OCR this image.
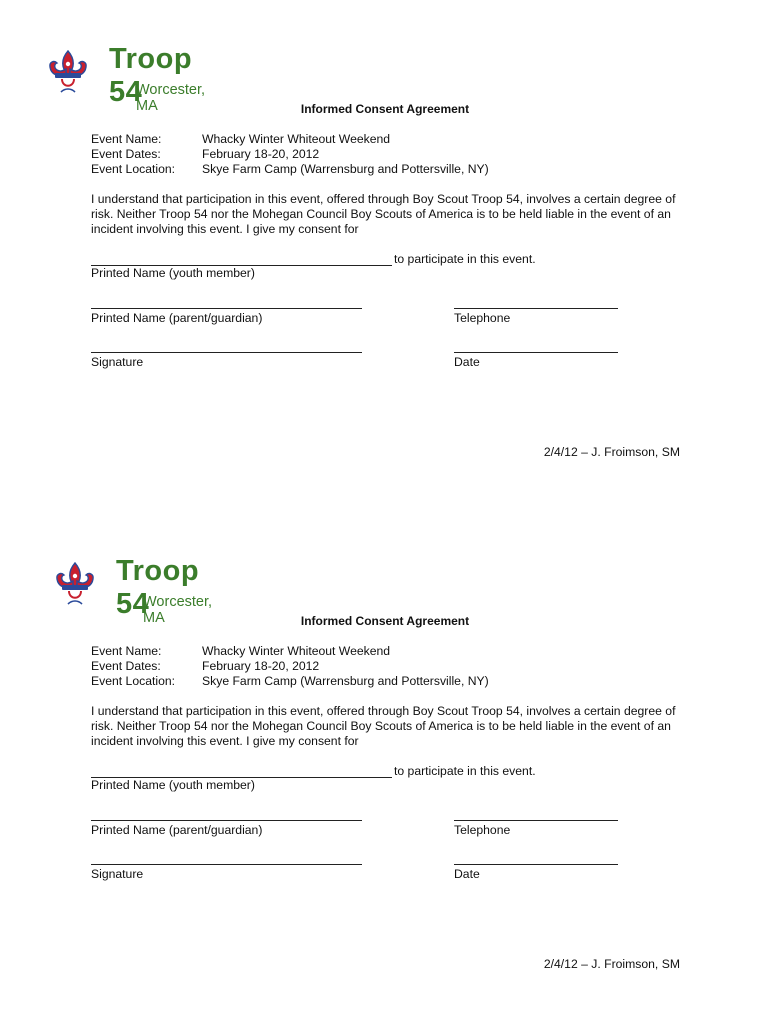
Troop 54
Worcester, MA	Informed Consent Agreement
Event Name:	Whacky Winter Whiteout Weekend
Event Dates:	February 18-20, 2012
Event Location: Skye Farm Camp (Warrensburg and Pottersville, NY)
I understand that participation in this event, offered through Boy Scout Troop 54, involves a certain degree of risk. Neither Troop 54 nor the Mohegan Council Boy Scouts of America is to be held liable in the event of an incident involving this event. I give my consent for
to participate in this event.
Printed Name (youth member)
Printed Name (parent/guardian)	Telephone
Signature	Date
2/4/12 – J. Froimson, SM
Troop 54
Worcester, MA	Informed Consent Agreement
Event Name:	Whacky Winter Whiteout Weekend
Event Dates:	February 18-20, 2012
Event Location: Skye Farm Camp (Warrensburg and Pottersville, NY)
I understand that participation in this event, offered through Boy Scout Troop 54, involves a certain degree of risk. Neither Troop 54 nor the Mohegan Council Boy Scouts of America is to be held liable in the event of an incident involving this event. I give my consent for
to participate in this event.
Printed Name (youth member)
Printed Name (parent/guardian)	Telephone
Signature	Date
2/4/12 – J. Froimson, SM
